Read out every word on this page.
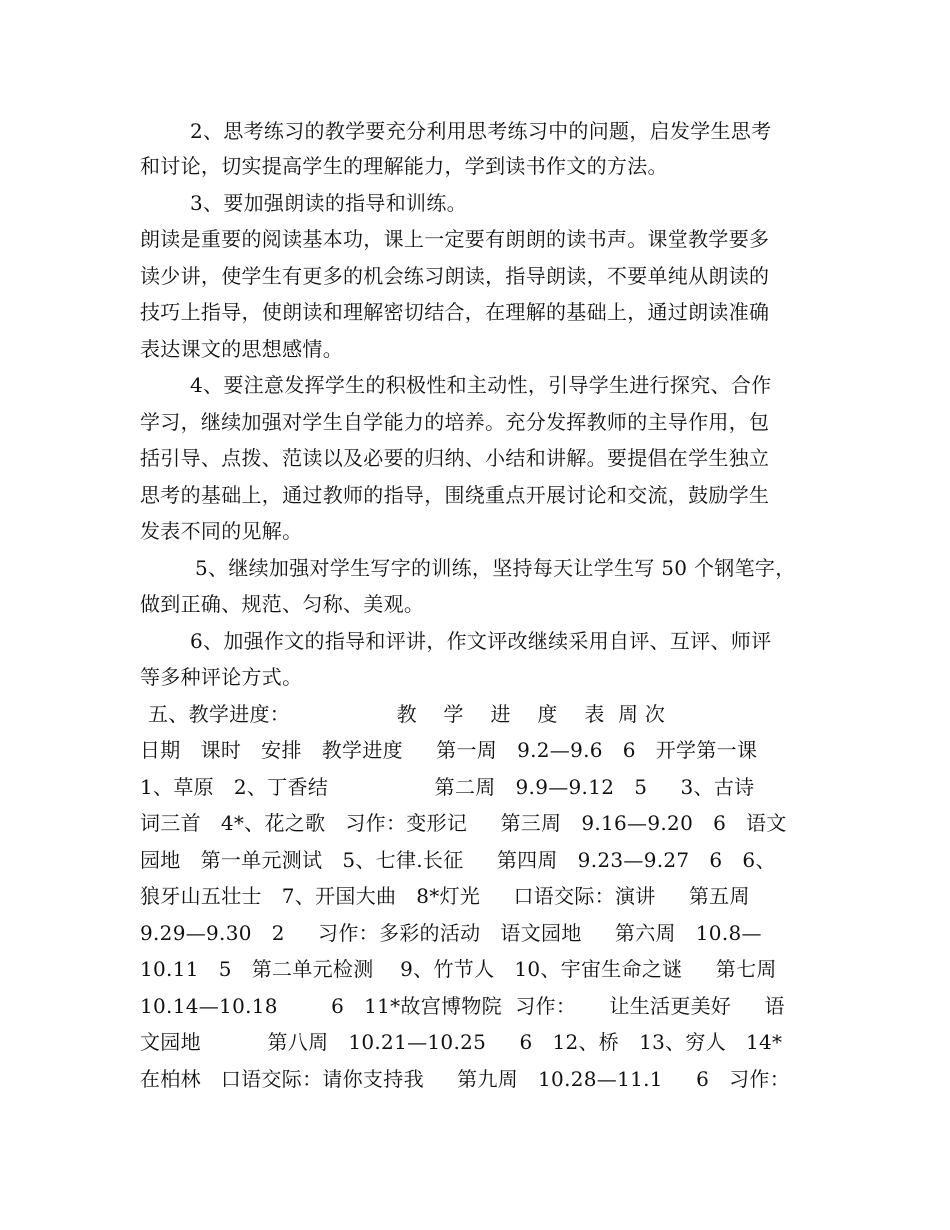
2、思考练习的教学要充分利用思考练习中的问题，启发学生思考
和讨论，切实提高学生的理解能力，学到读书作文的方法。
3、要加强朗读的指导和训练。
朗读是重要的阅读基本功，课上一定要有朗朗的读书声。课堂教学要多
读少讲，使学生有更多的机会练习朗读，指导朗读，不要单纯从朗读的
技巧上指导，使朗读和理解密切结合，在理解的基础上，通过朗读准确
表达课文的思想感情。
4、要注意发挥学生的积极性和主动性，引导学生进行探究、合作
学习，继续加强对学生自学能力的培养。充分发挥教师的主导作用，包
括引导、点拨、范读以及必要的归纳、小结和讲解。要提倡在学生独立
思考的基础上，通过教师的指导，围绕重点开展讨论和交流，鼓励学生
发表不同的见解。
5、继续加强对学生写字的训练，坚持每天让学生写 50 个钢笔字，
做到正确、规范、匀称、美观。
6、加强作文的指导和评讲，作文评改继续采用自评、互评、师评
等多种评论方式。
五、教学进度：                教    学    进    度    表  周 次
日期   课时   安排   教学进度     第一周   9.2—9.6   6   开学第一课
1、草原   2、丁香结                第二周   9.9—9.12   5     3、古诗
词三首   4*、花之歌   习作：变形记     第三周   9.16—9.20   6   语文
园地   第一单元测试   5、七律.长征     第四周   9.23—9.27   6   6、
狼牙山五壮士   7、开国大曲   8*灯光     口语交际：演讲     第五周
9.29—9.30   2     习作：多彩的活动   语文园地     第六周   10.8—
10.11   5   第二单元检测    9、竹节人   10、宇宙生命之谜     第七周
10.14—10.18        6   11*故宫博物院  习作：     让生活更美好     语
文园地          第八周   10.21—10.25     6   12、桥   13、穷人   14*
在柏林   口语交际：请你支持我     第九周   10.28—11.1     6   习作：
